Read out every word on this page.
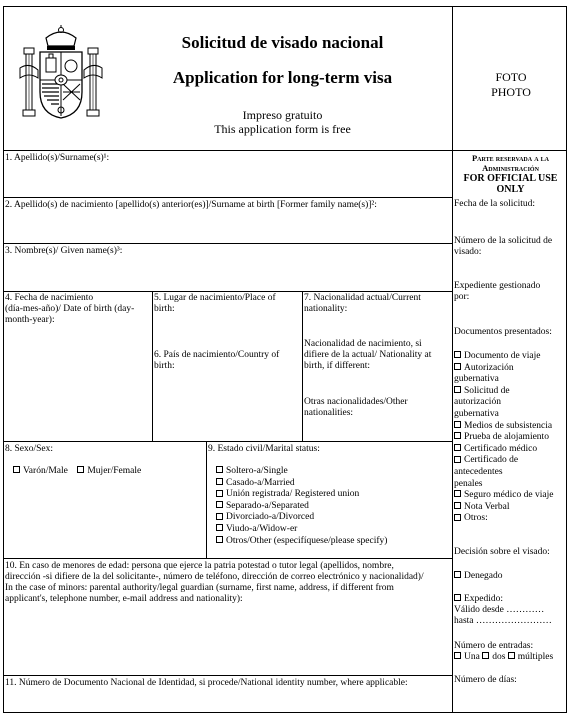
Solicitud de visado nacional
Application for long-term visa
Impreso gratuito
This application form is free
FOTO
PHOTO
1. Apellido(s)/Surname(s)¹:
2. Apellido(s) de nacimiento [apellido(s) anterior(es)]/Surname at birth [Former family name(s)]²:
3. Nombre(s)/ Given name(s)³:
4. Fecha de nacimiento
(día-mes-año)/ Date of birth (day-
month-year):
5. Lugar de nacimiento/Place of
birth:
6. País de nacimiento/Country of
birth:
7. Nacionalidad actual/Current
nationality:
Nacionalidad de nacimiento, si
difiere de la actual/ Nationality at
birth, if different:
Otras nacionalidades/Other
nationalities:
8. Sexo/Sex:
Varón/Male Mujer/Female
9. Estado civil/Marital status:
Soltero-a/Single
Casado-a/Married
Unión registrada/ Registered union
Separado-a/Separated
Divorciado-a/Divorced
Viudo-a/Widow-er
Otros/Other (especifíquese/please specify)
10. En caso de menores de edad: persona que ejerce la patria potestad o tutor legal (apellidos, nombre,
dirección -si difiere de la del solicitante-, número de teléfono, dirección de correo electrónico y nacionalidad)/
In the case of minors: parental authority/legal guardian (surname, first name, address, if different from
applicant's, telephone number, e-mail address and nationality):
11. Número de Documento Nacional de Identidad, si procede/National identity number, where applicable:
Parte reservada a la
Administración
FOR OFFICIAL USE
ONLY
Fecha de la solicitud:
Número de la solicitud de
visado:
Expediente gestionado
por:
Documentos presentados:
Documento de viaje
Autorización
gubernativa
Solicitud de
autorización
gubernativa
Medios de subsistencia
Prueba de alojamiento
Certificado médico
Certificado de
antecedentes
penales
Seguro médico de viaje
Nota Verbal
Otros:
Decisión sobre el visado:
Denegado
Expedido:
Válido desde …………
hasta ……………………
Número de entradas:
Una dos múltiples
Número de días:
